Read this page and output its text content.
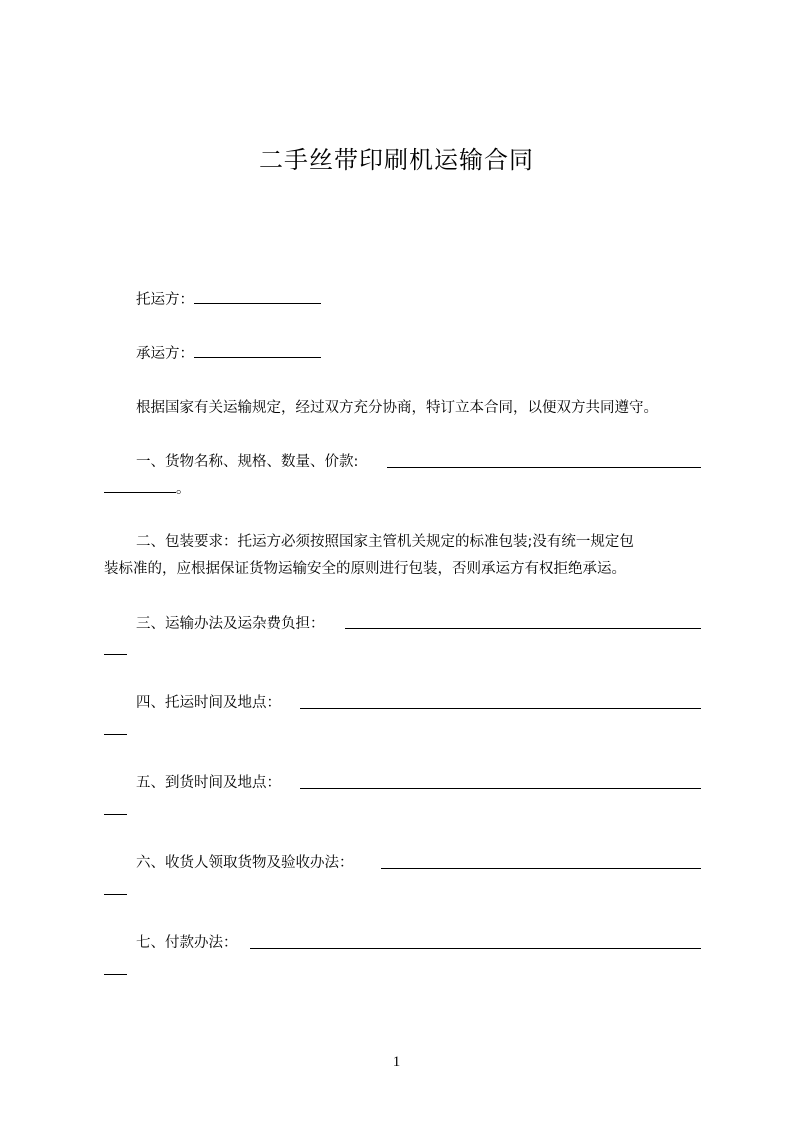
二手丝带印刷机运输合同
托运方：
承运方：
根据国家有关运输规定，经过双方充分协商，特订立本合同，以便双方共同遵守。
一、货物名称、规格、数量、价款:
。
二、包装要求：托运方必须按照国家主管机关规定的标准包装;没有统一规定包
装标准的，应根据保证货物运输安全的原则进行包装，否则承运方有权拒绝承运。
三、运输办法及运杂费负担：
四、托运时间及地点：
五、到货时间及地点：
六、收货人领取货物及验收办法：
七、付款办法：
1
